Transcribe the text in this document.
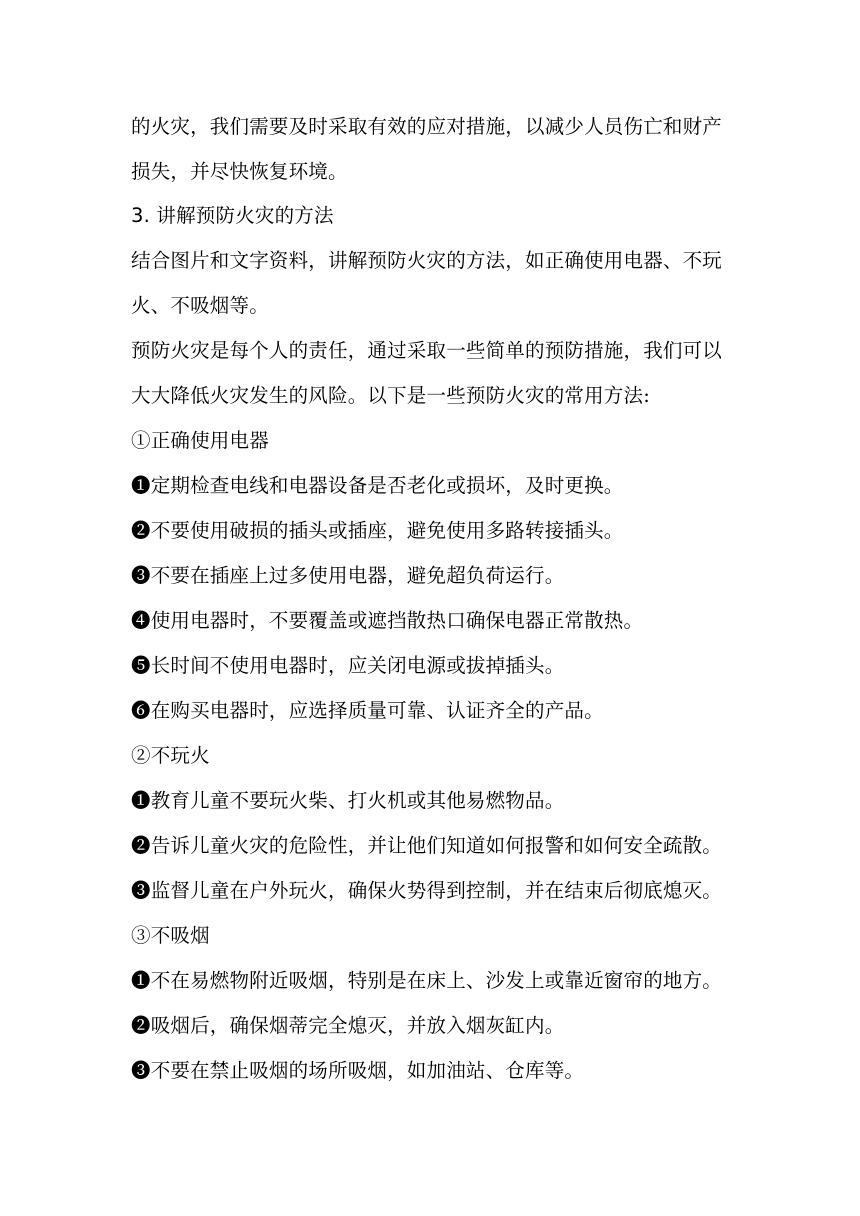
的火灾，我们需要及时采取有效的应对措施，以减少人员伤亡和财产
损失，并尽快恢复环境。
3. 讲解预防火灾的方法
结合图片和文字资料，讲解预防火灾的方法，如正确使用电器、不玩
火、不吸烟等。
预防火灾是每个人的责任，通过采取一些简单的预防措施，我们可以
大大降低火灾发生的风险。以下是一些预防火灾的常用方法:
①正确使用电器
❶定期检查电线和电器设备是否老化或损坏，及时更换。
❷不要使用破损的插头或插座，避免使用多路转接插头。
❸不要在插座上过多使用电器，避免超负荷运行。
❹使用电器时，不要覆盖或遮挡散热口确保电器正常散热。
❺长时间不使用电器时，应关闭电源或拔掉插头。
❻在购买电器时，应选择质量可靠、认证齐全的产品。
②不玩火
❶教育儿童不要玩火柴、打火机或其他易燃物品。
❷告诉儿童火灾的危险性，并让他们知道如何报警和如何安全疏散。
❸监督儿童在户外玩火，确保火势得到控制，并在结束后彻底熄灭。
③不吸烟
❶不在易燃物附近吸烟，特别是在床上、沙发上或靠近窗帘的地方。
❷吸烟后，确保烟蒂完全熄灭，并放入烟灰缸内。
❸不要在禁止吸烟的场所吸烟，如加油站、仓库等。
